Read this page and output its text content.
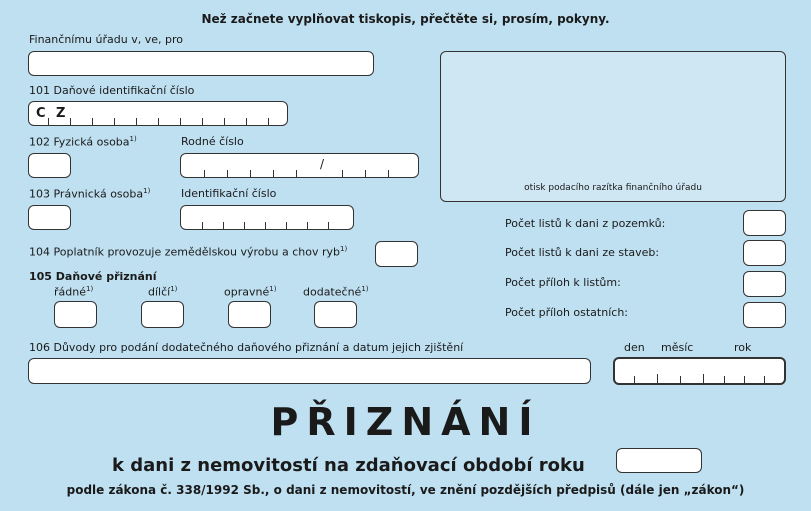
Než začnete vyplňovat tiskopis, přečtěte si, prosím, pokyny.
Finančnímu úřadu v, ve, pro
101 Daňové identifikační číslo
C Z
102 Fyzická osoba$^{1)}$	Rodné číslo
/
103 Právnická osoba$^{1)}$	Identifikační číslo	otisk podacího razítka finančního úřadu
Počet listů k dani z pozemků:
Počet listů k dani ze staveb:
Počet příloh k listům:
Počet příloh ostatních:
104 Poplatník provozuje zemědělskou výrobu a chov ryb$^{1)}$
105 Daňové přiznání
řádné$^{1)}$	dílčí$^{1)}$	opravné$^{1)}$ dodatečné$^{1)}$
106 Důvody pro podání dodatečného daňového přiznání a datum jejich zjištění	den měsíc	rok
PŘIZNÁNÍ
k dani z nemovitostí na zdaňovací období roku
podle zákona č. 338/1992 Sb., o dani z nemovitostí, ve znění pozdějších předpisů (dále jen „zákon“)
